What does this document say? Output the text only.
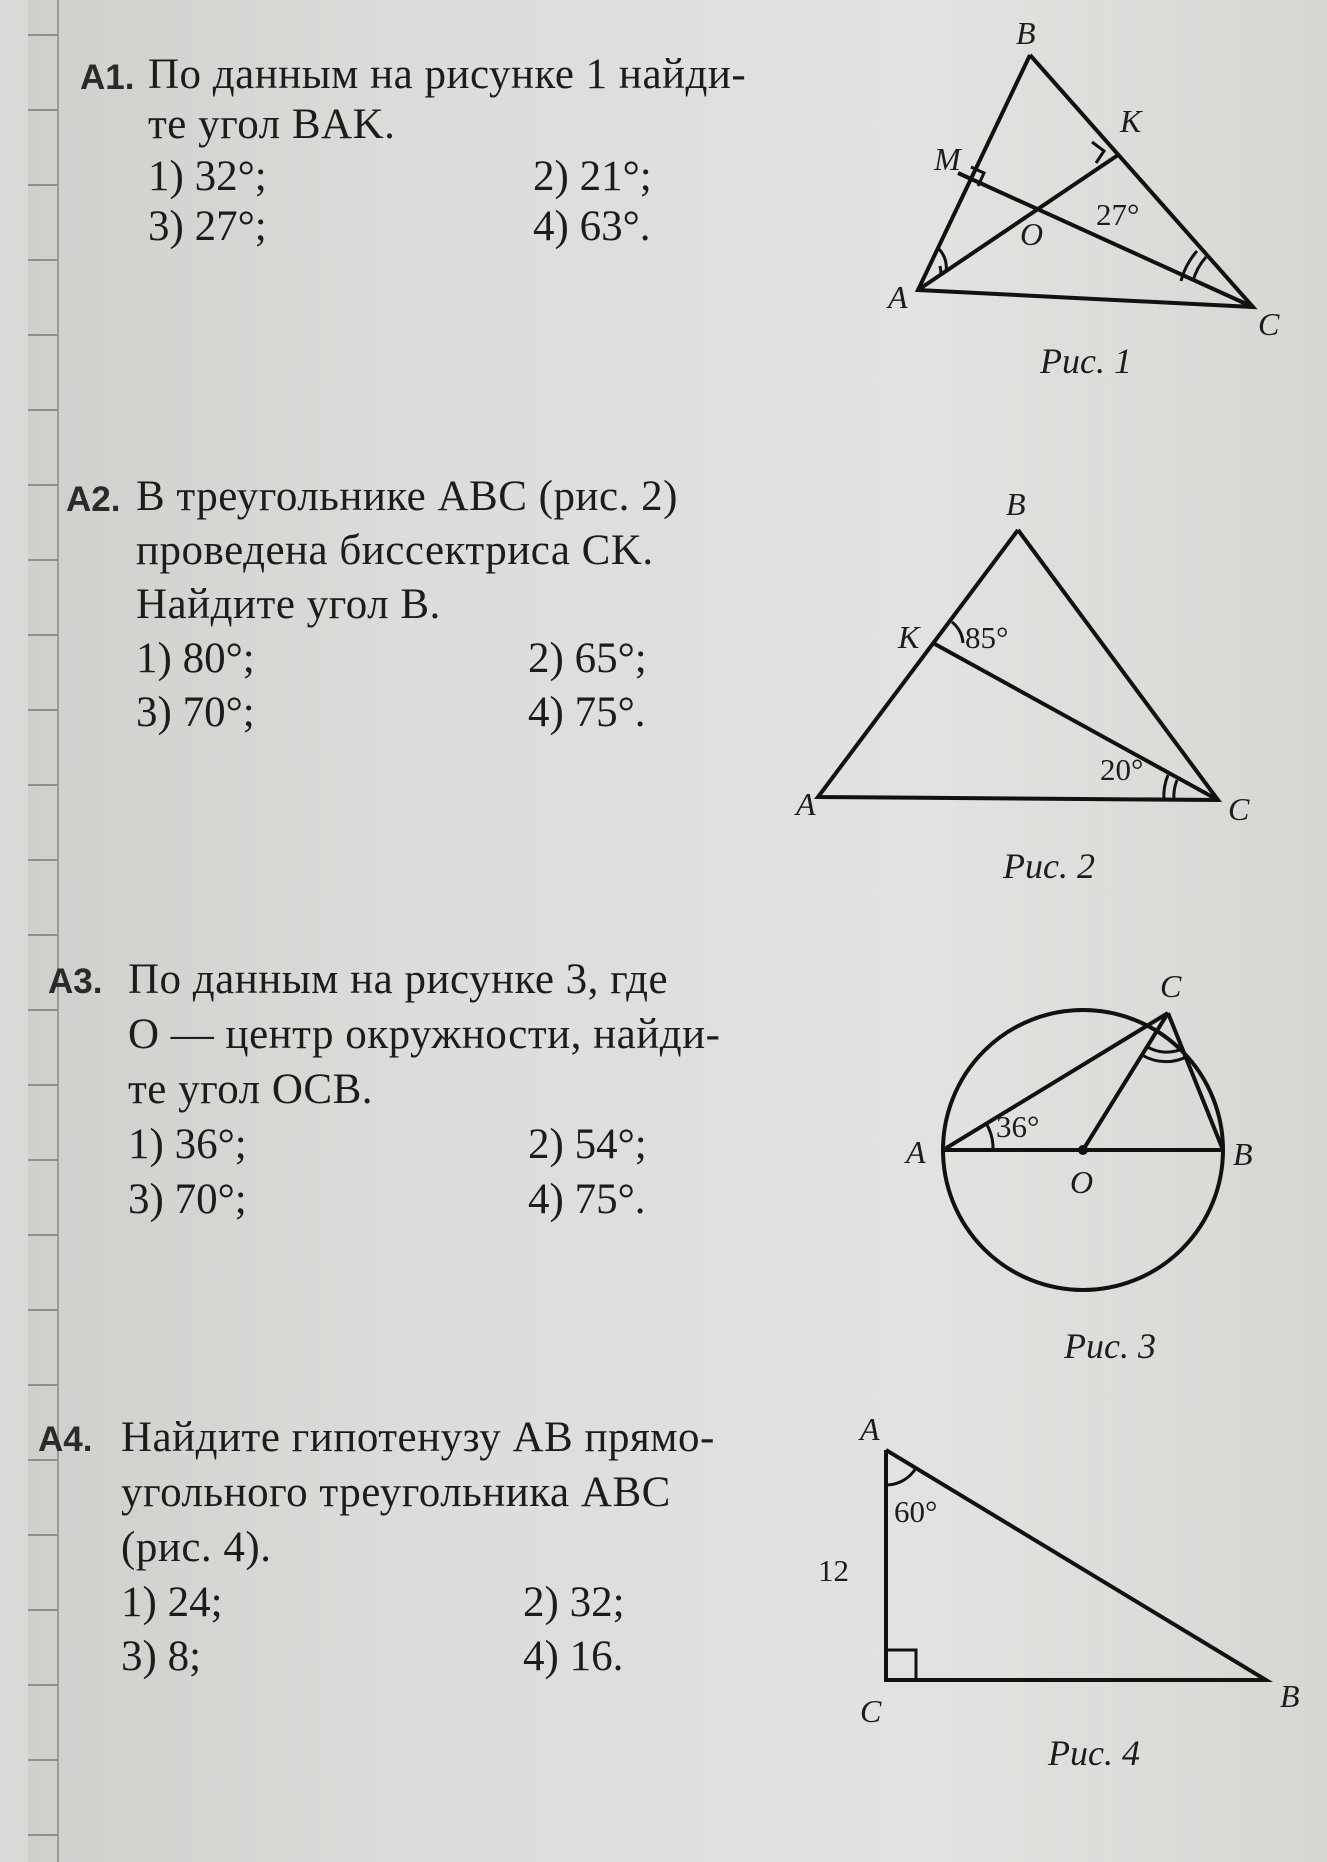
A1. По данным на рисунке 1 найди-
те угол BAK.
1) 32°;	2) 21°;
3) 27°;	4) 63°.
B
K
M
O
A
C
27°
Рис. 1
A2. В треугольнике ABC (рис. 2)
проведена биссектриса CK.
Найдите угол B.
1) 80°;	2) 65°;
3) 70°;	4) 75°.
B
K
A	C
85°
20°
Рис. 2
A3. По данным на рисунке 3, где
O — центр окружности, найди-
те угол OCB.
1) 36°;	2) 54°;
3) 70°;	4) 75°.
C
A	B
O
36°
Рис. 3
A4. Найдите гипотенузу AB прямо-
угольного треугольника ABC
(рис. 4).
1) 24;	2) 32;
3) 8;	4) 16.
A
C	B
60°
12
Рис. 4
